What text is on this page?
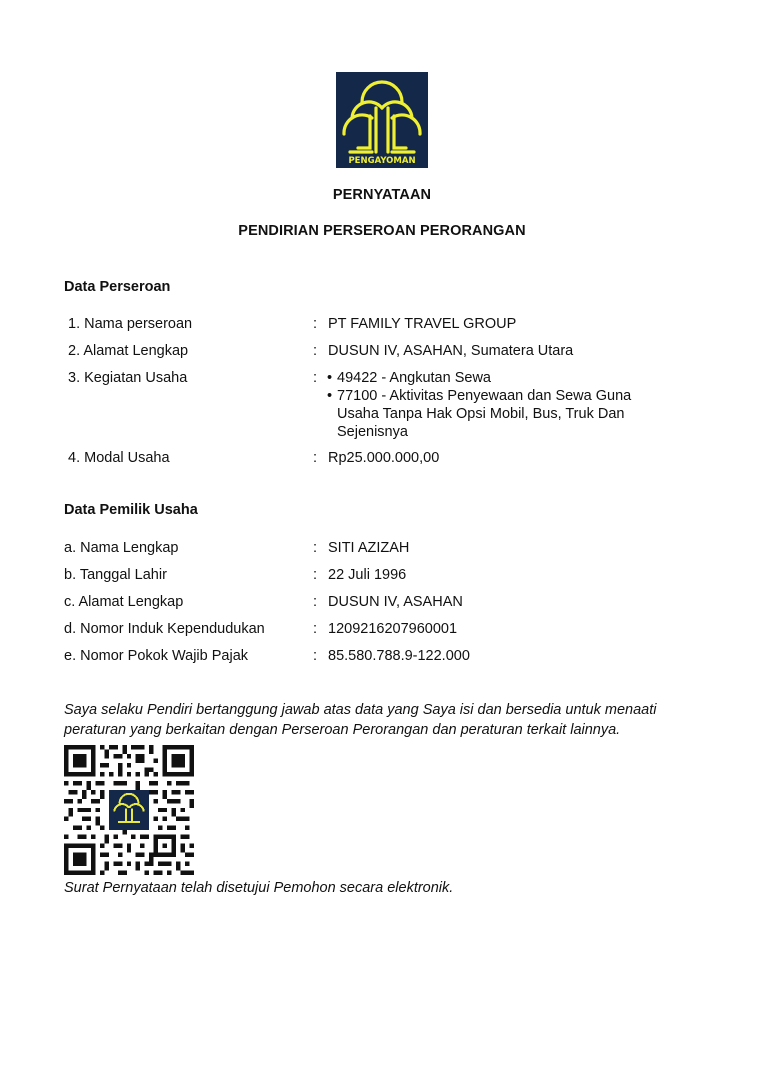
PENGAYOMAN
PERNYATAAN
PENDIRIAN PERSEROAN PERORANGAN
Data Perseroan
1. Nama perseroan	: PT FAMILY TRAVEL GROUP
2. Alamat Lengkap	: DUSUN IV, ASAHAN, Sumatera Utara
3. Kegiatan Usaha	:	• 49422 - Angkutan Sewa
• 77100 - Aktivitas Penyewaan dan Sewa Guna Usaha Tanpa Hak Opsi Mobil, Bus, Truk Dan Sejenisnya
4. Modal Usaha	: Rp25.000.000,00
Data Pemilik Usaha
a. Nama Lengkap	: SITI AZIZAH
b. Tanggal Lahir	: 22 Juli 1996
c. Alamat Lengkap	: DUSUN IV, ASAHAN
d. Nomor Induk Kependudukan	: 1209216207960001
e. Nomor Pokok Wajib Pajak	: 85.580.788.9-122.000
Saya selaku Pendiri bertanggung jawab atas data yang Saya isi dan bersedia untuk menaati peraturan yang berkaitan dengan Perseroan Perorangan dan peraturan terkait lainnya.
Surat Pernyataan telah disetujui Pemohon secara elektronik.
